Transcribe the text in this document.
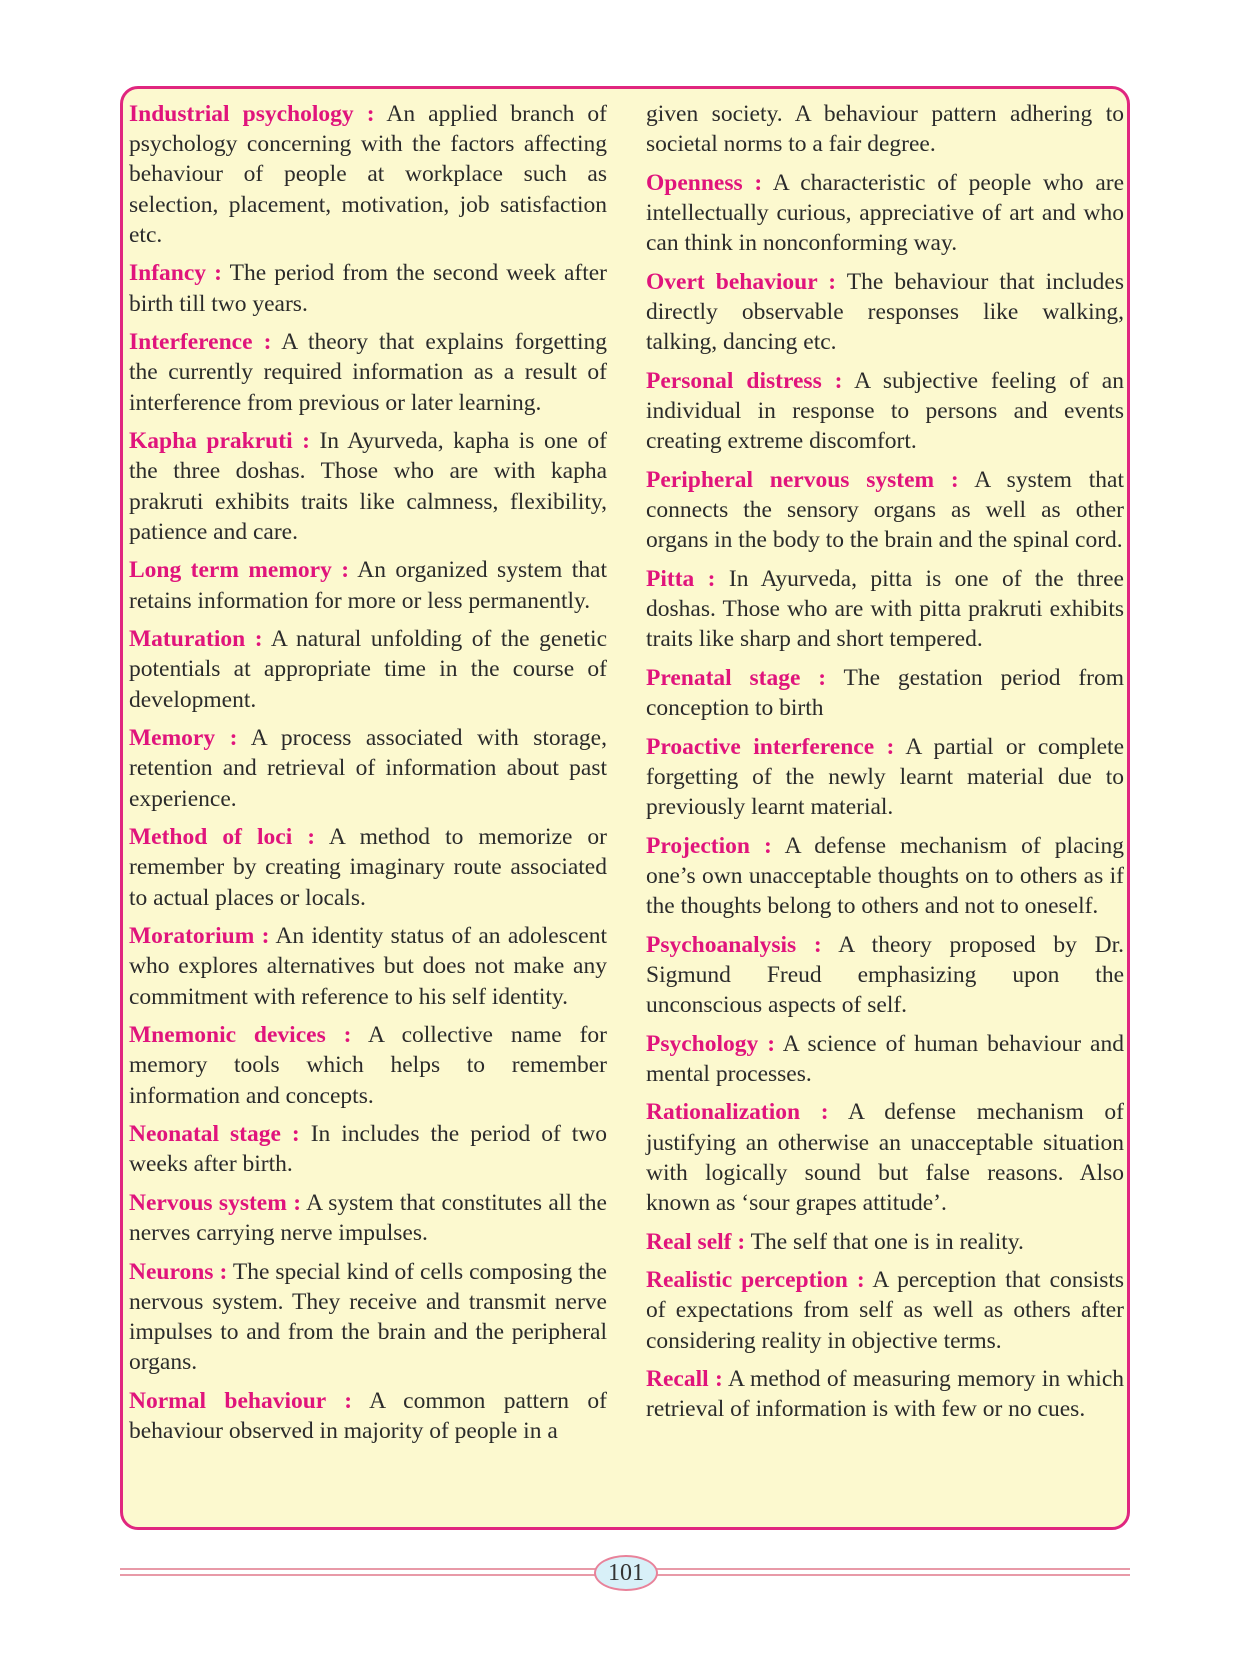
Industrial psychology : An applied branch of psychology concerning with the factors affecting behaviour of people at workplace such as selection, placement, motivation, job satisfaction etc.

Infancy : The period from the second week after birth till two years.

Interference : A theory that explains forgetting the currently required information as a result of interference from previous or later learning.

Kapha prakruti : In Ayurveda, kapha is one of the three doshas. Those who are with kapha prakruti exhibits traits like calmness, flexibility, patience and care.

Long term memory : An organized system that retains information for more or less permanently.

Maturation : A natural unfolding of the genetic potentials at appropriate time in the course of development.

Memory : A process associated with storage, retention and retrieval of information about past experience.

Method of loci : A method to memorize or remember by creating imaginary route associated to actual places or locals.

Moratorium : An identity status of an adolescent who explores alternatives but does not make any commitment with reference to his self identity.

Mnemonic devices : A collective name for memory tools which helps to remember information and concepts.

Neonatal stage : In includes the period of two weeks after birth.

Nervous system : A system that constitutes all the nerves carrying nerve impulses.

Neurons : The special kind of cells composing the nervous system. They receive and transmit nerve impulses to and from the brain and the peripheral organs.

Normal behaviour : A common pattern of behaviour observed in majority of people in a

given society. A behaviour pattern adhering to societal norms to a fair degree.

Openness : A characteristic of people who are intellectually curious, appreciative of art and who can think in nonconforming way.

Overt behaviour : The behaviour that includes directly observable responses like walking, talking, dancing etc.

Personal distress : A subjective feeling of an individual in response to persons and events creating extreme discomfort.

Peripheral nervous system : A system that connects the sensory organs as well as other organs in the body to the brain and the spinal cord.

Pitta : In Ayurveda, pitta is one of the three doshas. Those who are with pitta prakruti exhibits traits like sharp and short tempered.

Prenatal stage : The gestation period from conception to birth

Proactive interference : A partial or complete forgetting of the newly learnt material due to previously learnt material.

Projection : A defense mechanism of placing one’s own unacceptable thoughts on to others as if the thoughts belong to others and not to oneself.

Psychoanalysis : A theory proposed by Dr. Sigmund Freud emphasizing upon the unconscious aspects of self.

Psychology : A science of human behaviour and mental processes.

Rationalization : A defense mechanism of justifying an otherwise an unacceptable situation with logically sound but false reasons. Also known as ‘sour grapes attitude’.

Real self : The self that one is in reality.

Realistic perception : A perception that consists of expectations from self as well as others after considering reality in objective terms.

Recall : A method of measuring memory in which retrieval of information is with few or no cues.

101
